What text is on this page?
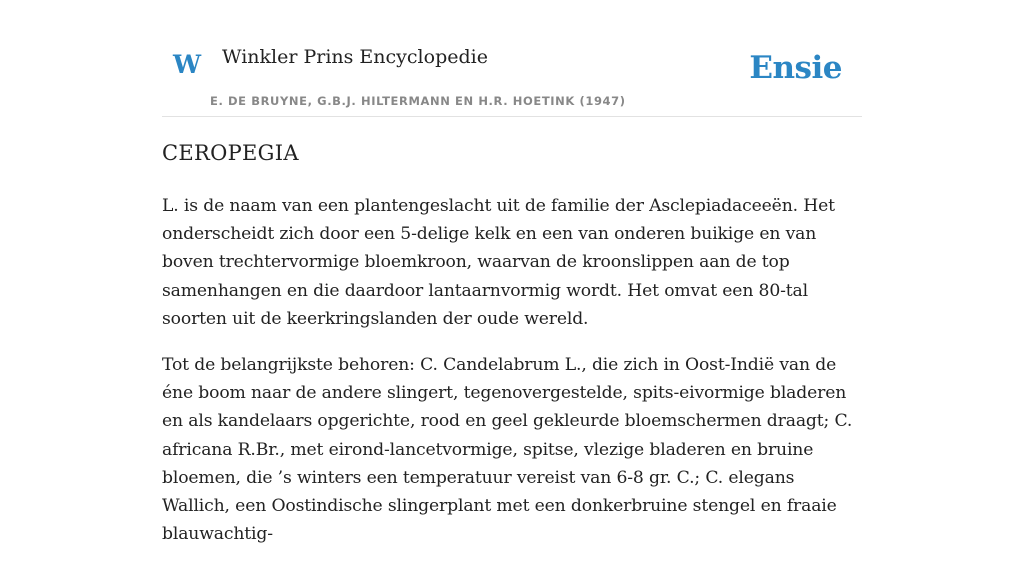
W Winkler Prins Encyclopedie
E. DE BRUYNE, G.B.J. HILTERMANN EN H.R. HOETINK (1947)
Ensie
CEROPEGIA

L. is de naam van een plantengeslacht uit de familie der Asclepiadaceeën. Het onderscheidt zich door een 5-delige kelk en een van onderen buikige en van boven trechtervormige bloemkroon, waarvan de kroonslippen aan de top samenhangen en die daardoor lantaarnvormig wordt. Het omvat een 80-tal soorten uit de keerkringslanden der oude wereld.

Tot de belangrijkste behoren: C. Candelabrum L., die zich in Oost-Indië van de éne boom naar de andere slingert, tegenovergestelde, spits-eivormige bladeren en als kandelaars opgerichte, rood en geel gekleurde bloemschermen draagt; C. africana R.Br., met eirond-lancetvormige, spitse, vlezige bladeren en bruine bloemen, die ’s winters een temperatuur vereist van 6-8 gr. C.; C. elegans Wallich, een Oostindische slingerplant met een donkerbruine stengel en fraaie blauwachtig-
